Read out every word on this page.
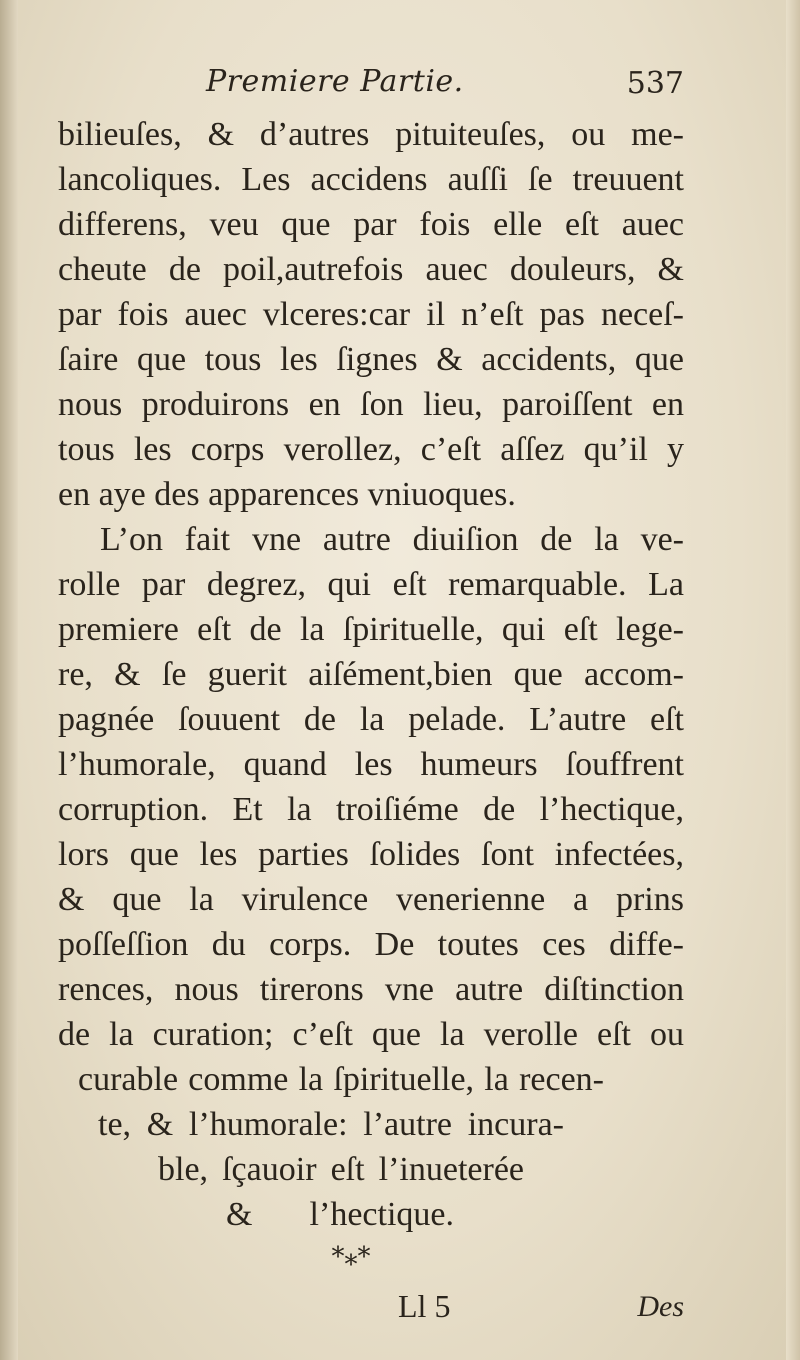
Premiere Partie.	537
bilieuſes, & d’autres pituiteuſes, ou me-
lancoliques. Les accidens auſſi ſe treuuent
differens, veu que par fois elle eſt auec
cheute de poil,autrefois auec douleurs, &
par fois auec vlceres:car il n’eſt pas neceſ-
ſaire que tous les ſignes & accidents, que
nous produirons en ſon lieu, paroiſſent en
tous les corps verollez, c’eſt aſſez qu’il y
en aye des apparences vniuoques.
L’on fait vne autre diuiſion de la ve-
rolle par degrez, qui eſt remarquable. La
premiere eſt de la ſpirituelle, qui eſt lege-
re, & ſe guerit aiſément,bien que accom-
pagnée ſouuent de la pelade. L’autre eſt
l’humorale, quand les humeurs ſouffrent
corruption. Et la troiſiéme de l’hectique,
lors que les parties ſolides ſont infectées,
& que la virulence venerienne a prins
poſſeſſion du corps. De toutes ces diffe-
rences, nous tirerons vne autre diſtinction
de la curation; c’eſt que la verolle eſt ou
curable comme la ſpirituelle, la recen-
te, & l’humorale: l’autre incura-
ble, ſçauoir eſt l’inueterée
& l’hectique.
*⁎*
Ll 5	Des
